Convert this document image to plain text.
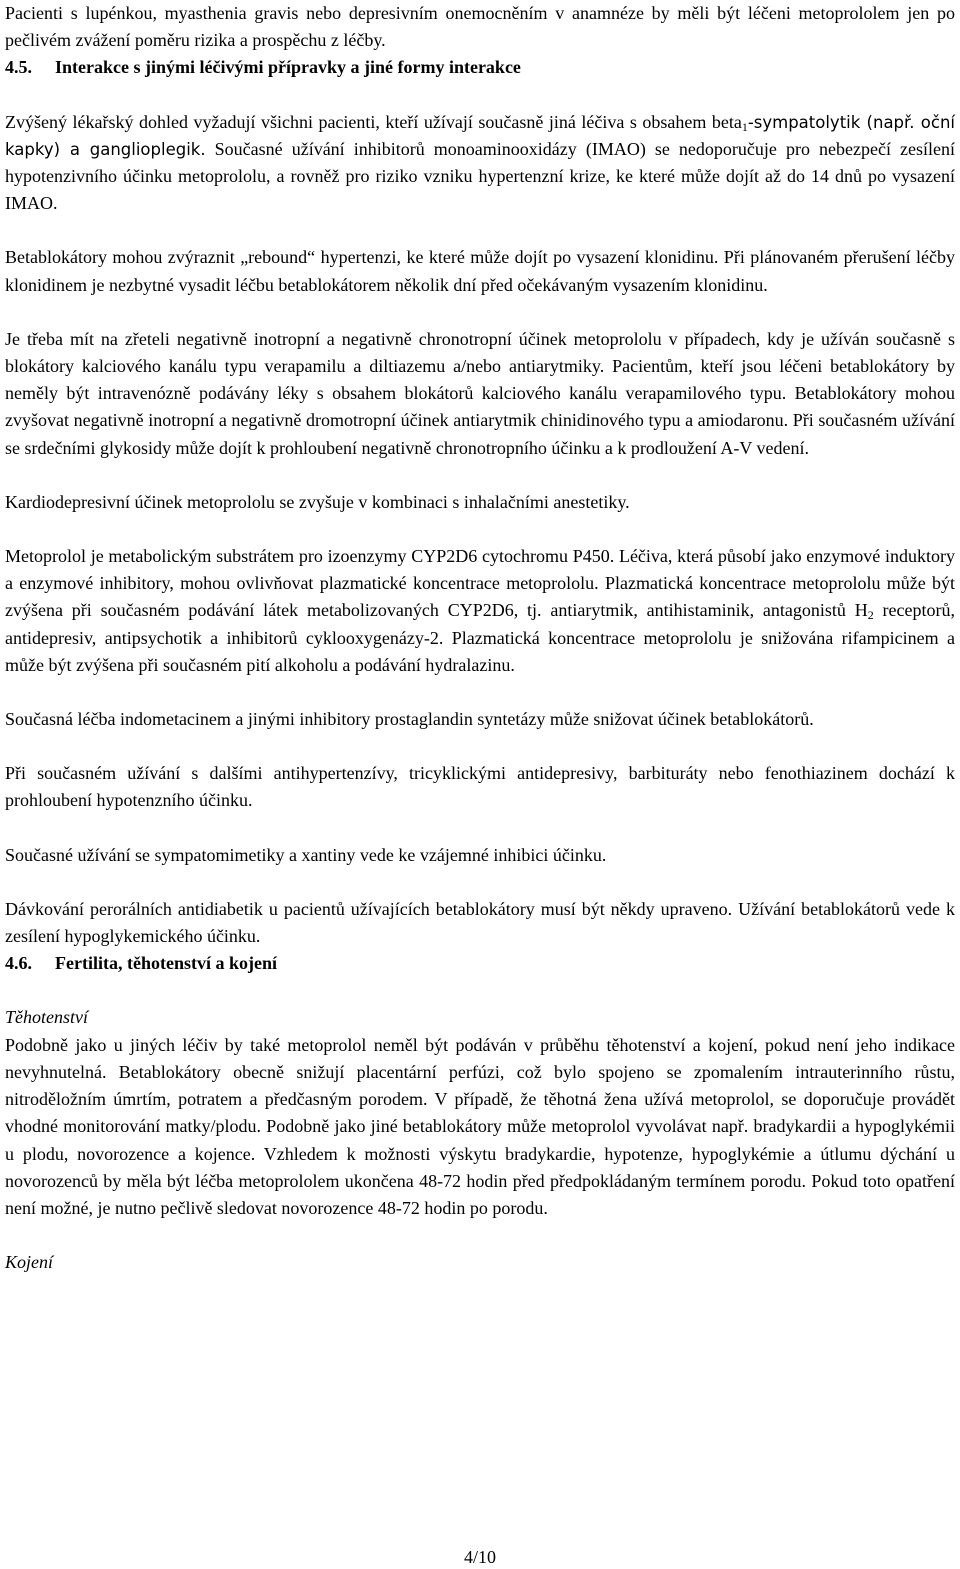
Pacienti s lupénkou, myasthenia gravis nebo depresivním onemocněním v anamnéze by měli být léčeni metoprololem jen po pečlivém zvážení poměru rizika a prospěchu z léčby.

4.5. Interakce s jinými léčivými přípravky a jiné formy interakce

Zvýšený lékařský dohled vyžadují všichni pacienti, kteří užívají současně jiná léčiva s obsahem beta$_1$-sympatolytik (např. oční kapky) a ganglioplegik. Současné užívání inhibitorů monoaminooxidázy (IMAO) se nedoporučuje pro nebezpečí zesílení hypotenzivního účinku metoprololu, a rovněž pro riziko vzniku hypertenzní krize, ke které může dojít až do 14 dnů po vysazení IMAO.

Betablokátory mohou zvýraznit „rebound“ hypertenzi, ke které může dojít po vysazení klonidinu. Při plánovaném přerušení léčby klonidinem je nezbytné vysadit léčbu betablokátorem několik dní před očekávaným vysazením klonidinu.

Je třeba mít na zřeteli negativně inotropní a negativně chronotropní účinek metoprololu v případech, kdy je užíván současně s blokátory kalciového kanálu typu verapamilu a diltiazemu a/nebo antiarytmiky. Pacientům, kteří jsou léčeni betablokátory by neměly být intravenózně podávány léky s obsahem blokátorů kalciového kanálu verapamilového typu. Betablokátory mohou zvyšovat negativně inotropní a negativně dromotropní účinek antiarytmik chinidinového typu a amiodaronu. Při současném užívání se srdečními glykosidy může dojít k prohloubení negativně chronotropního účinku a k prodloužení A-V vedení.

Kardiodepresivní účinek metoprololu se zvyšuje v kombinaci s inhalačními anestetiky.

Metoprolol je metabolickým substrátem pro izoenzymy CYP2D6 cytochromu P450. Léčiva, která působí jako enzymové induktory a enzymové inhibitory, mohou ovlivňovat plazmatické koncentrace metoprololu. Plazmatická koncentrace metoprololu může být zvýšena při současném podávání látek metabolizovaných CYP2D6, tj. antiarytmik, antihistaminik, antagonistů $H_2$ receptorů, antidepresiv, antipsychotik a inhibitorů cyklooxygenázy-2. Plazmatická koncentrace metoprololu je snižována rifampicinem a může být zvýšena při současném pití alkoholu a podávání hydralazinu.

Současná léčba indometacinem a jinými inhibitory prostaglandin syntetázy může snižovat účinek betablokátorů.

Při současném užívání s dalšími antihypertenzívy, tricyklickými antidepresivy, barbituráty nebo fenothiazinem dochází k prohloubení hypotenzního účinku.

Současné užívání se sympatomimetiky a xantiny vede ke vzájemné inhibici účinku.

Dávkování perorálních antidiabetik u pacientů užívajících betablokátory musí být někdy upraveno. Užívání betablokátorů vede k zesílení hypoglykemického účinku.

4.6. Fertilita, těhotenství a kojení

Těhotenství

Podobně jako u jiných léčiv by také metoprolol neměl být podáván v průběhu těhotenství a kojení, pokud není jeho indikace nevyhnutelná. Betablokátory obecně snižují placentární perfúzi, což bylo spojeno se zpomalením intrauterinního růstu, nitroděložním úmrtím, potratem a předčasným porodem. V případě, že těhotná žena užívá metoprolol, se doporučuje provádět vhodné monitorování matky/plodu. Podobně jako jiné betablokátory může metoprolol vyvolávat např. bradykardii a hypoglykémii u plodu, novorozence a kojence. Vzhledem k možnosti výskytu bradykardie, hypotenze, hypoglykémie a útlumu dýchání u novorozenců by měla být léčba metoprololem ukončena 48-72 hodin před předpokládaným termínem porodu. Pokud toto opatření není možné, je nutno pečlivě sledovat novorozence 48-72 hodin po porodu.

Kojení

4/10
